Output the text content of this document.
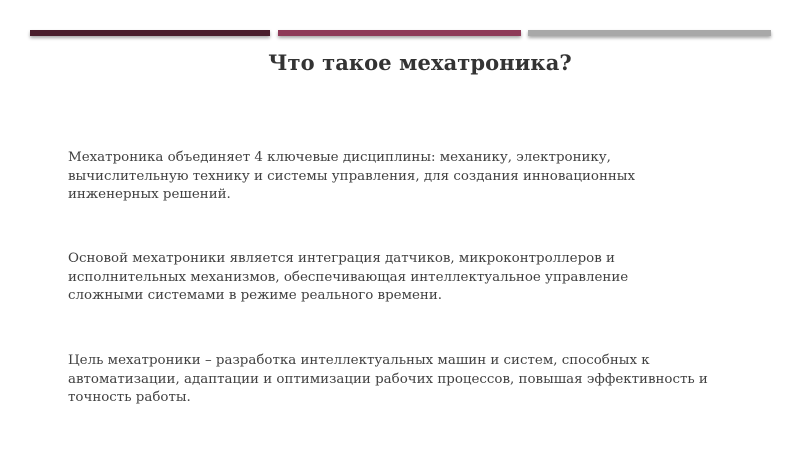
Что такое мехатроника?

Мехатроника объединяет 4 ключевые дисциплины: механику, электронику,
вычислительную технику и системы управления, для создания инновационных
инженерных решений.

Основой мехатроники является интеграция датчиков, микроконтроллеров и
исполнительных механизмов, обеспечивающая интеллектуальное управление
сложными системами в режиме реального времени.

Цель мехатроники – разработка интеллектуальных машин и систем, способных к
автоматизации, адаптации и оптимизации рабочих процессов, повышая эффективность и
точность работы.
